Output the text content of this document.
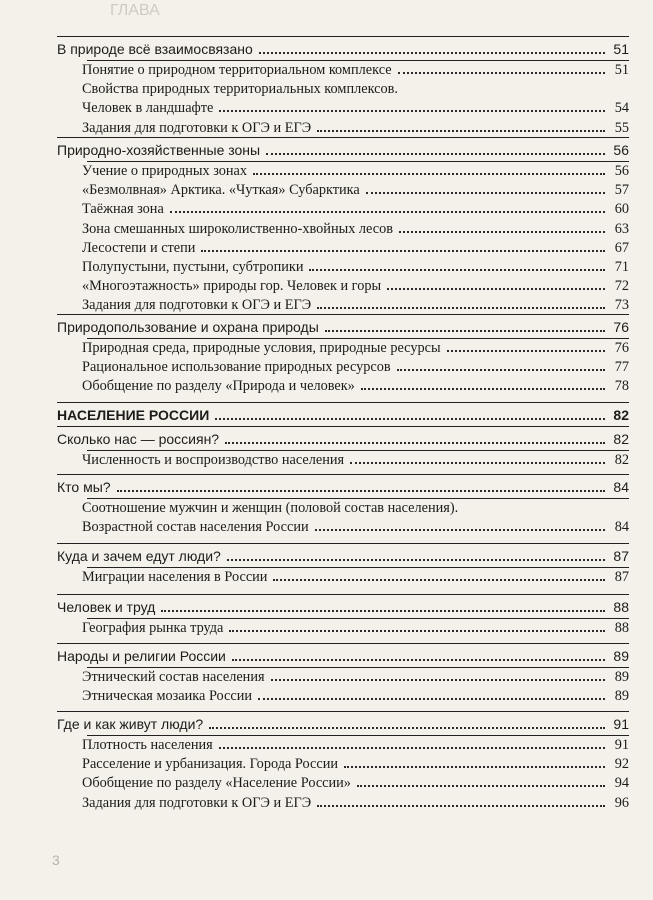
ГЛАВА
3
В природе всё взаимосвязано	51
Понятие о природном территориальном комплексе	51
Свойства природных территориальных комплексов.
Человек в ландшафте	54
Задания для подготовки к ОГЭ и ЕГЭ	55
Природно-хозяйственные зоны	56
Учение о природных зонах	56
«Безмолвная» Арктика. «Чуткая» Субарктика	57
Таёжная зона	60
Зона смешанных широколиственно-хвойных лесов	63
Лесостепи и степи	67
Полупустыни, пустыни, субтропики	71
«Многоэтажность» природы гор. Человек и горы	72
Задания для подготовки к ОГЭ и ЕГЭ	73
Природопользование и охрана природы	76
Природная среда, природные условия, природные ресурсы	76
Рациональное использование природных ресурсов	77
Обобщение по разделу «Природа и человек»	78
НАСЕЛЕНИЕ РОССИИ	82
Сколько нас — россиян?	82
Численность и воспроизводство населения	82
Кто мы?	84
Соотношение мужчин и женщин (половой состав населения).
Возрастной состав населения России	84
Куда и зачем едут люди?	87
Миграции населения в России	87
Человек и труд	88
География рынка труда	88
Народы и религии России	89
Этнический состав населения	89
Этническая мозаика России	89
Где и как живут люди?	91
Плотность населения	91
Расселение и урбанизация. Города России	92
Обобщение по разделу «Население России»	94
Задания для подготовки к ОГЭ и ЕГЭ	96
